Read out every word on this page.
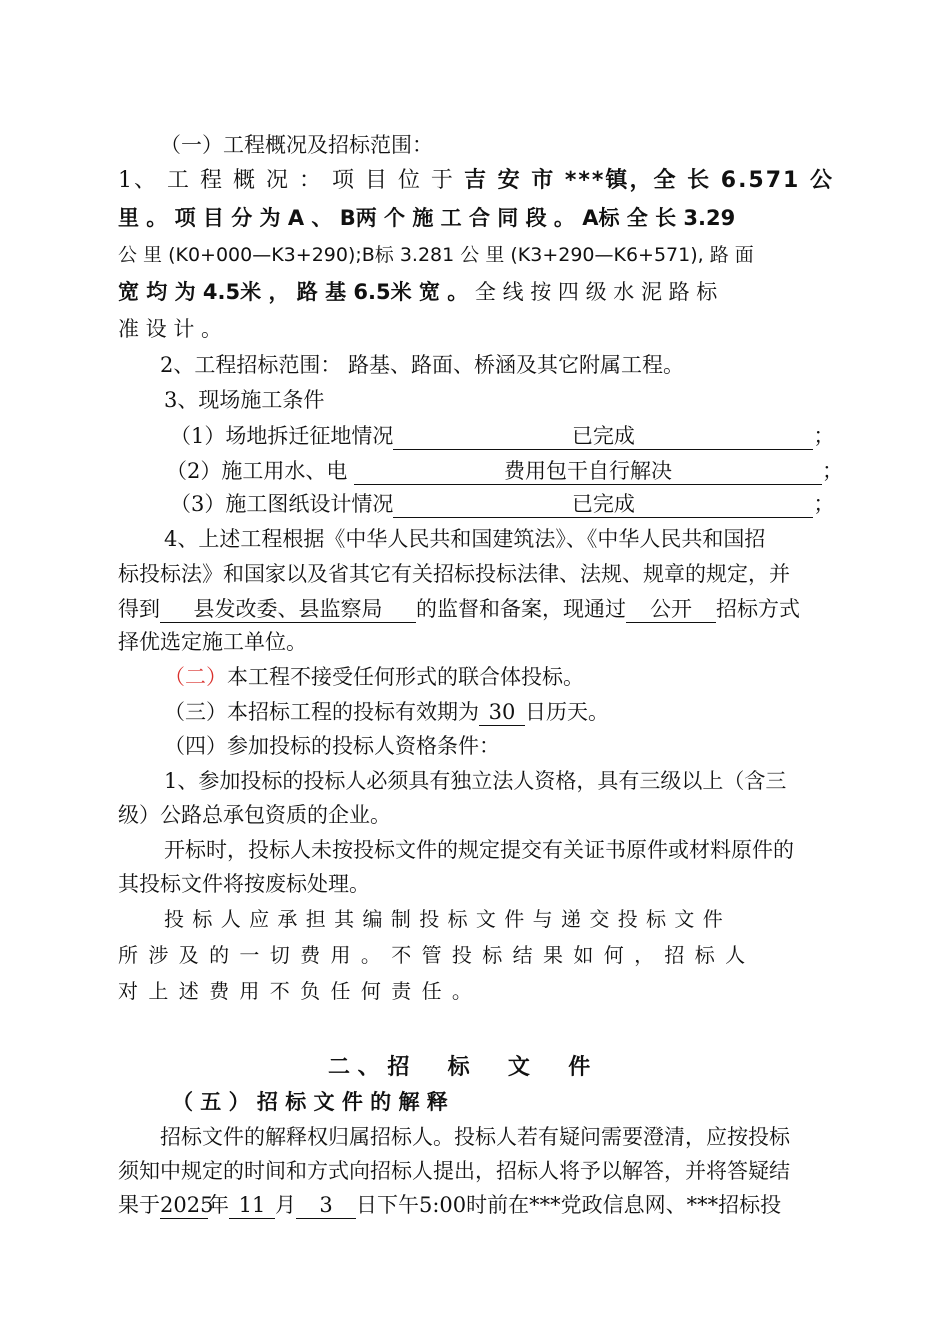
（一）工程概况及招标范围：
1、 工 程 概 况 ： 项 目 位 于 吉 安 市 ***镇，全 长 6.571 公
里 。 项 目 分 为 A 、 B两 个 施 工 合 同 段 。 A标 全 长 3.29
公 里 (K0+000—K3+290);B标 3.281 公 里 (K3+290—K6+571), 路 面
宽 均 为 4.5米 ， 路 基 6.5米 宽 。 全 线 按 四 级 水 泥 路 标
准 设 计 。
2、工程招标范围： 路基、路面、桥涵及其它附属工程。
3、现场施工条件
（1）场地拆迁征地情况	已完成	；
（2）施工用水、电	费用包干自行解决	；
（3）施工图纸设计情况	已完成	；
4、上述工程根据《中华人民共和国建筑法》、《中华人民共和国招
标投标法》和国家以及省其它有关招标投标法律、法规、规章的规定，并
得到 县发改委、县监察局 的监督和备案，现通过 公开 招标方式
择优选定施工单位。
（二）本工程不接受任何形式的联合体投标。
（三）本招标工程的投标有效期为 30 日历天。
（四）参加投标的投标人资格条件：
1、参加投标的投标人必须具有独立法人资格，具有三级以上（含三
级）公路总承包资质的企业。
开标时，投标人未按投标文件的规定提交有关证书原件或材料原件的
其投标文件将按废标处理。
投 标 人 应 承 担 其 编 制 投 标 文 件 与 递 交 投 标 文 件
所 涉 及 的 一 切 费 用 。 不 管 投 标 结 果 如 何 ， 招 标 人
对 上 述 费 用 不 负 任 何 责 任 。
二 、 招     标     文     件
（ 五 ） 招 标 文 件 的 解 释
招标文件的解释权归属招标人。投标人若有疑问需要澄清，应按投标
须知中规定的时间和方式向招标人提出，招标人将予以解答，并将答疑结
果于2025年 11 月 3 日下午5:00时前在***党政信息网、***招标投
